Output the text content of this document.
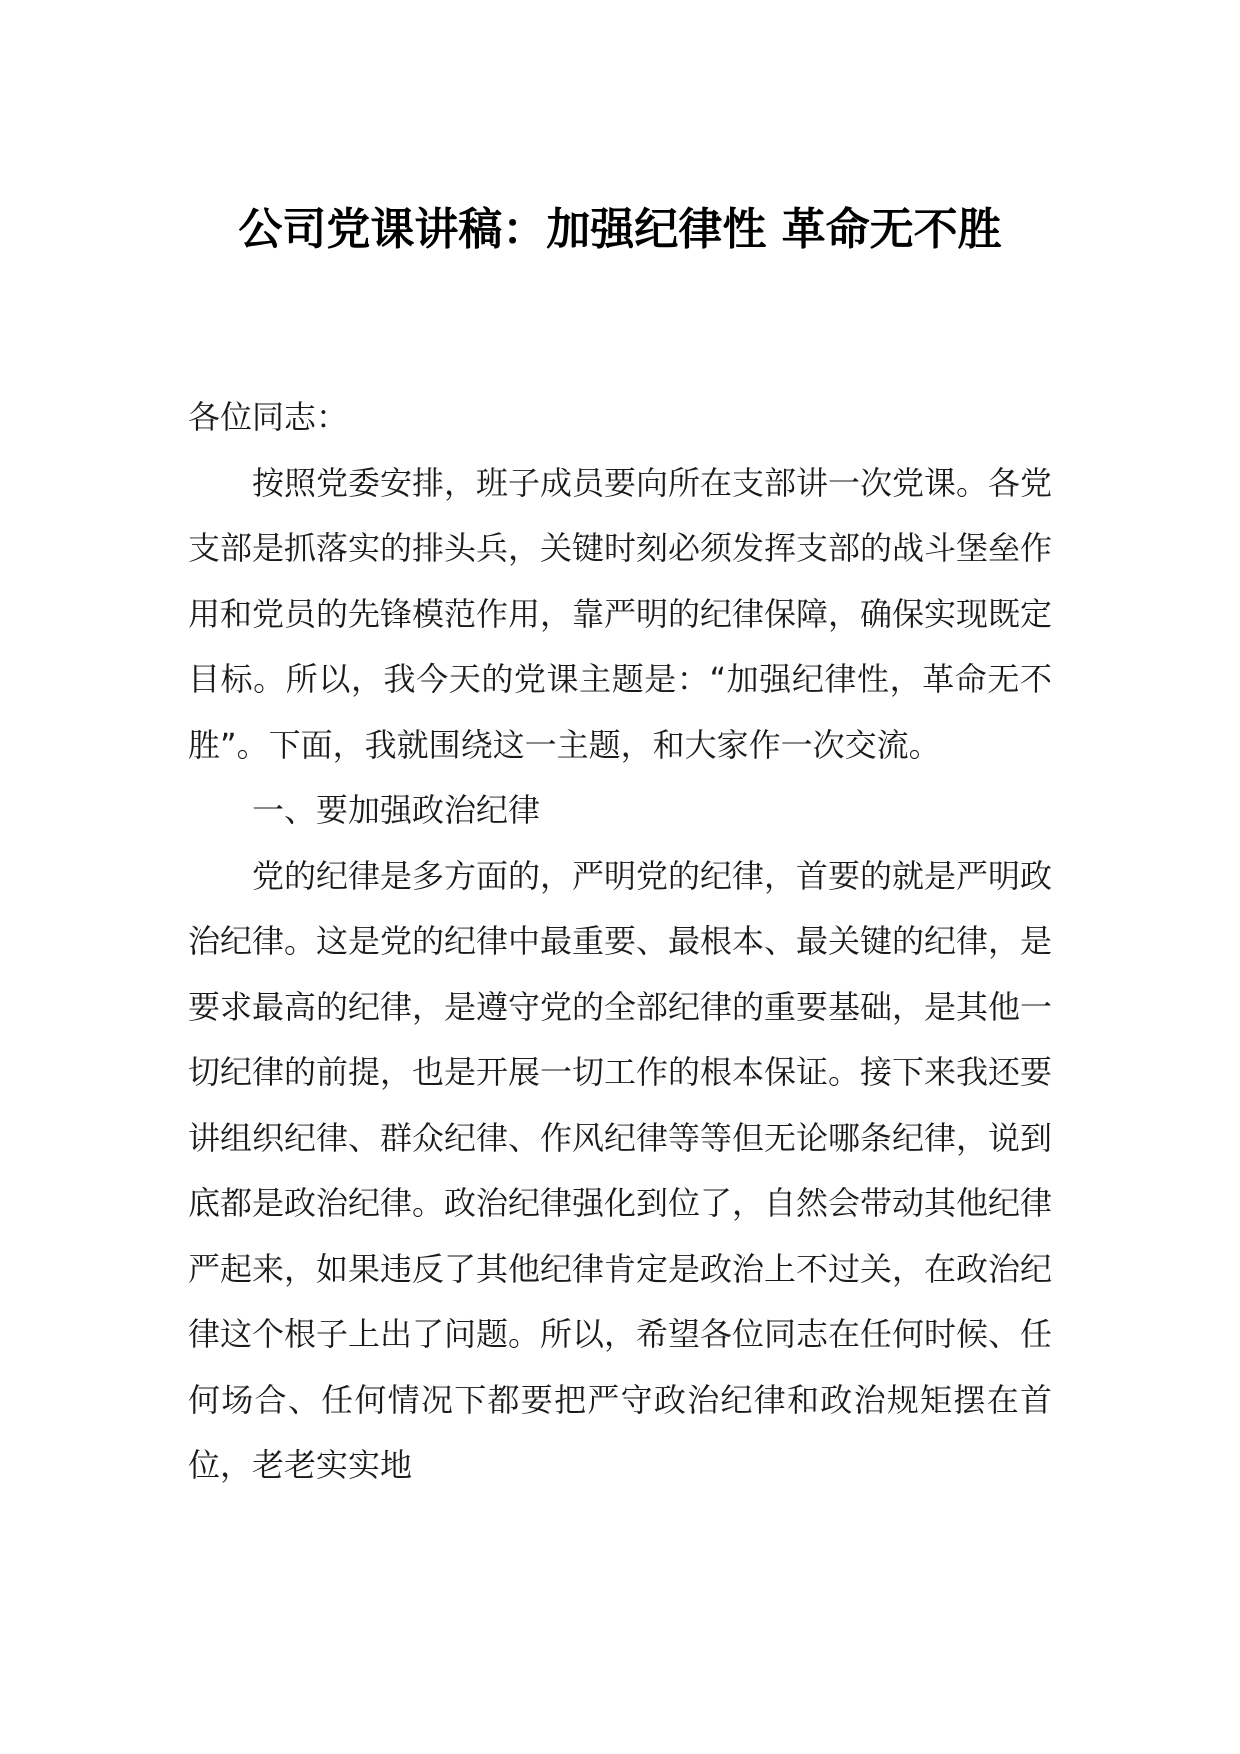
公司党课讲稿：加强纪律性 革命无不胜

各位同志：

按照党委安排，班子成员要向所在支部讲一次党课。各党支部是抓落实的排头兵，关键时刻必须发挥支部的战斗堡垒作用和党员的先锋模范作用，靠严明的纪律保障，确保实现既定目标。所以，我今天的党课主题是：“加强纪律性，革命无不胜”。下面，我就围绕这一主题，和大家作一次交流。

一、要加强政治纪律

党的纪律是多方面的，严明党的纪律，首要的就是严明政治纪律。这是党的纪律中最重要、最根本、最关键的纪律，是要求最高的纪律，是遵守党的全部纪律的重要基础，是其他一切纪律的前提，也是开展一切工作的根本保证。接下来我还要讲组织纪律、群众纪律、作风纪律等等但无论哪条纪律，说到底都是政治纪律。政治纪律强化到位了，自然会带动其他纪律严起来，如果违反了其他纪律肯定是政治上不过关，在政治纪律这个根子上出了问题。所以，希望各位同志在任何时候、任何场合、任何情况下都要把严守政治纪律和政治规矩摆在首位，老老实实地
